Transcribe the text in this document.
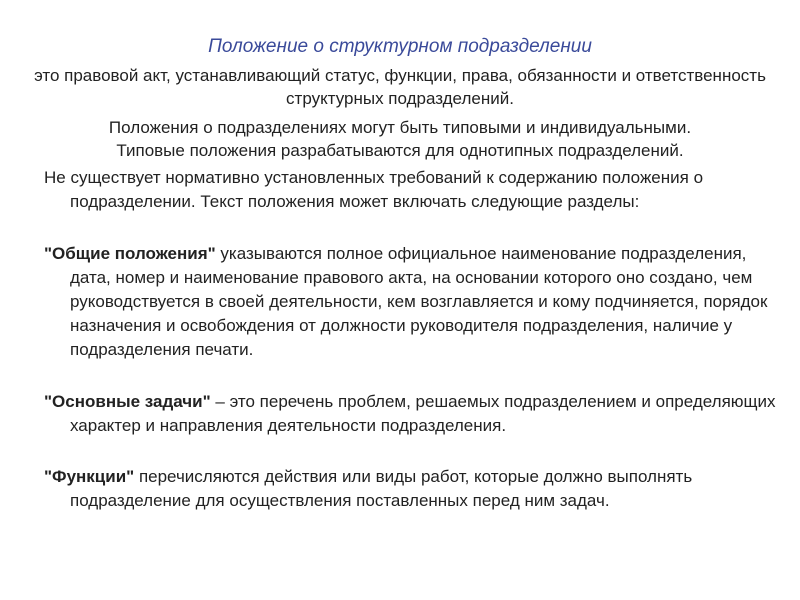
Положение о структурном подразделении
это правовой акт, устанавливающий статус, функции, права, обязанности и ответственность структурных подразделений.
Положения о подразделениях могут быть типовыми и индивидуальными.
Типовые положения разрабатываются для однотипных подразделений.
Не существует нормативно установленных требований к содержанию положения о подразделении. Текст положения может включать следующие разделы:
"Общие положения" указываются полное официальное наименование подразделения, дата, номер и наименование правового акта, на основании которого оно создано, чем руководствуется в своей деятельности, кем возглавляется и кому подчиняется, порядок назначения и освобождения от должности руководителя подразделения, наличие у подразделения печати.
"Основные задачи" – это перечень проблем, решаемых подразделением и определяющих характер и направления деятельности подразделения.
"Функции" перечисляются действия или виды работ, которые должно выполнять подразделение для осуществления поставленных перед ним задач.
